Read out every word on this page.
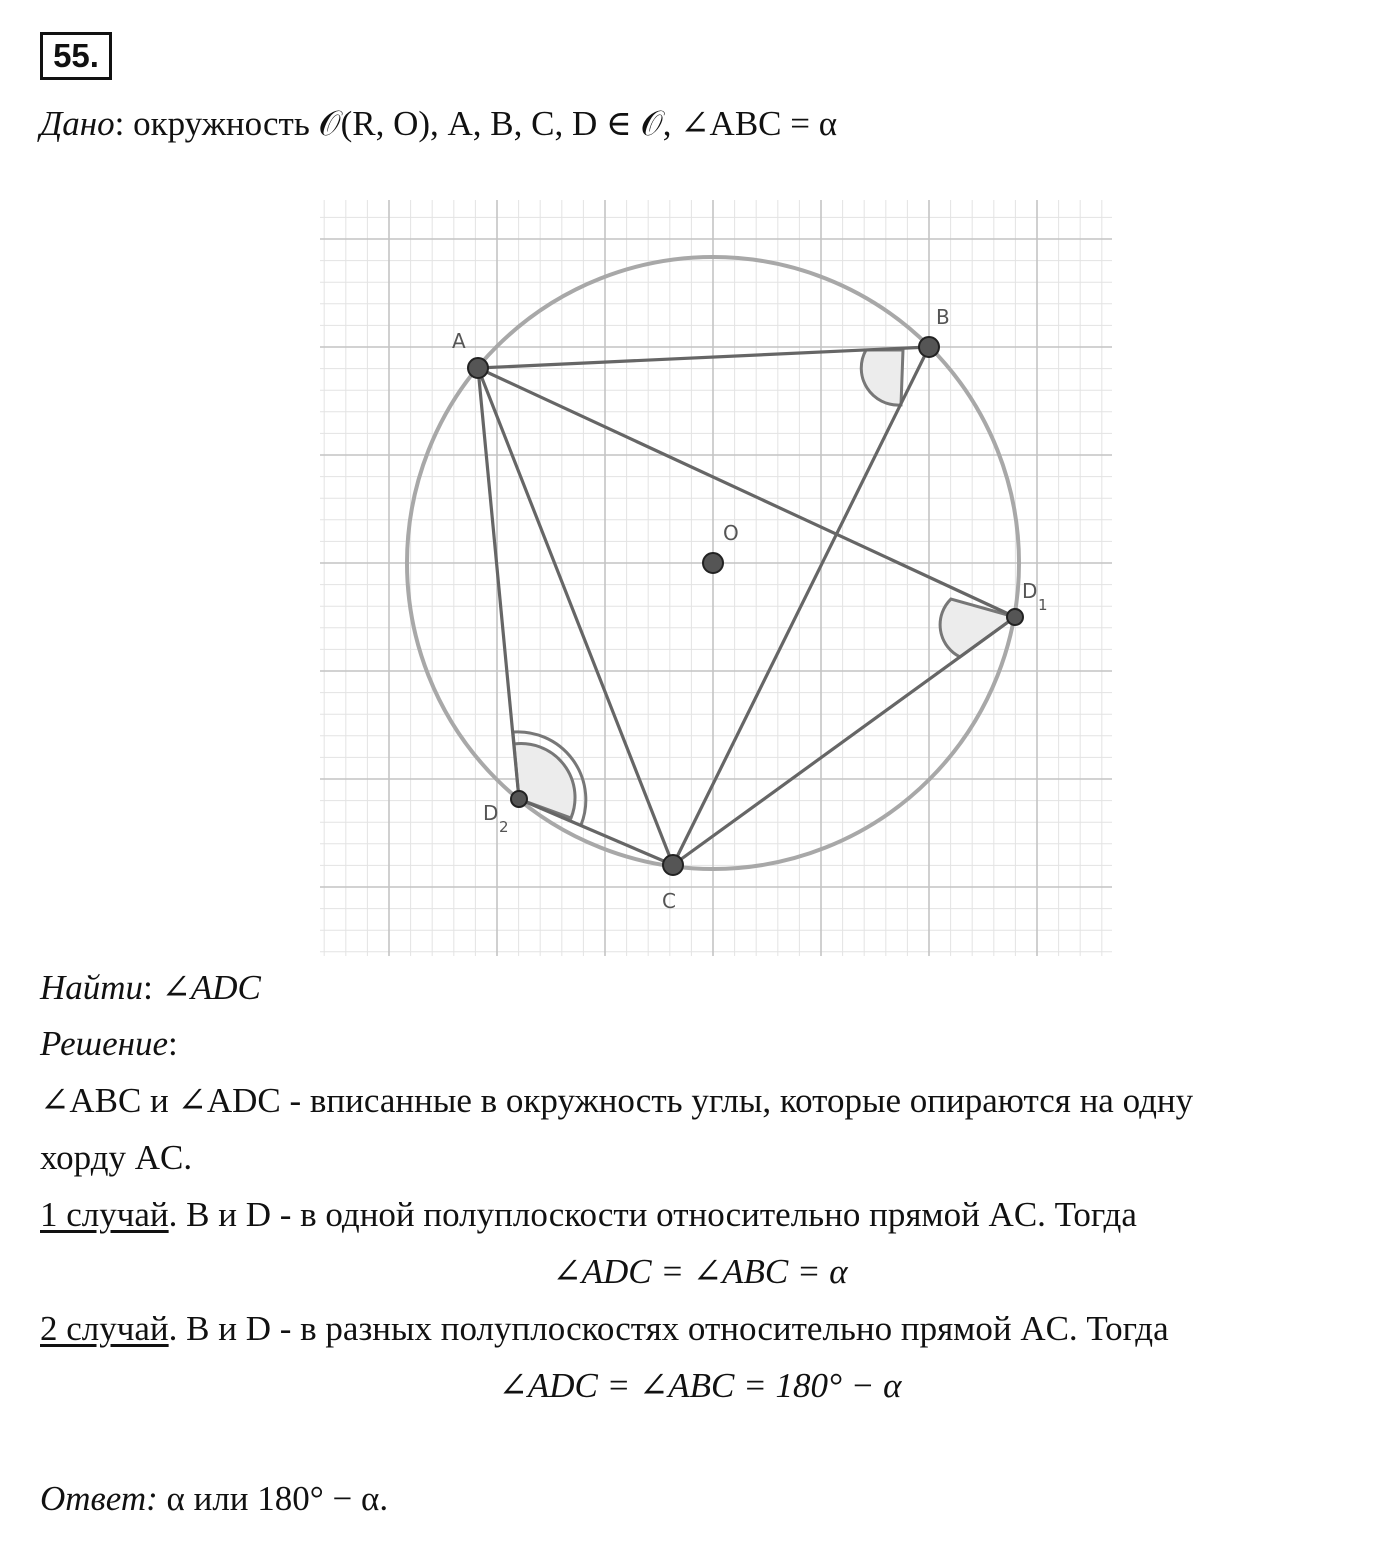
55.
Дано: окружность 𝒪(R, O), A, B, C, D ∈ 𝒪, ∠ABC = α
A
B
C
O
D
1
D
2
Найти: ∠ADC
Решение:
∠ABC и ∠ADC - вписанные в окружность углы, которые опираются на одну
хорду AC.
1 случай. B и D - в одной полуплоскости относительно прямой AC. Тогда
∠ADC = ∠ABC = α
2 случай. B и D - в разных полуплоскостях относительно прямой AC. Тогда
∠ADC = ∠ABC = 180° − α
Ответ: α или 180° − α.
